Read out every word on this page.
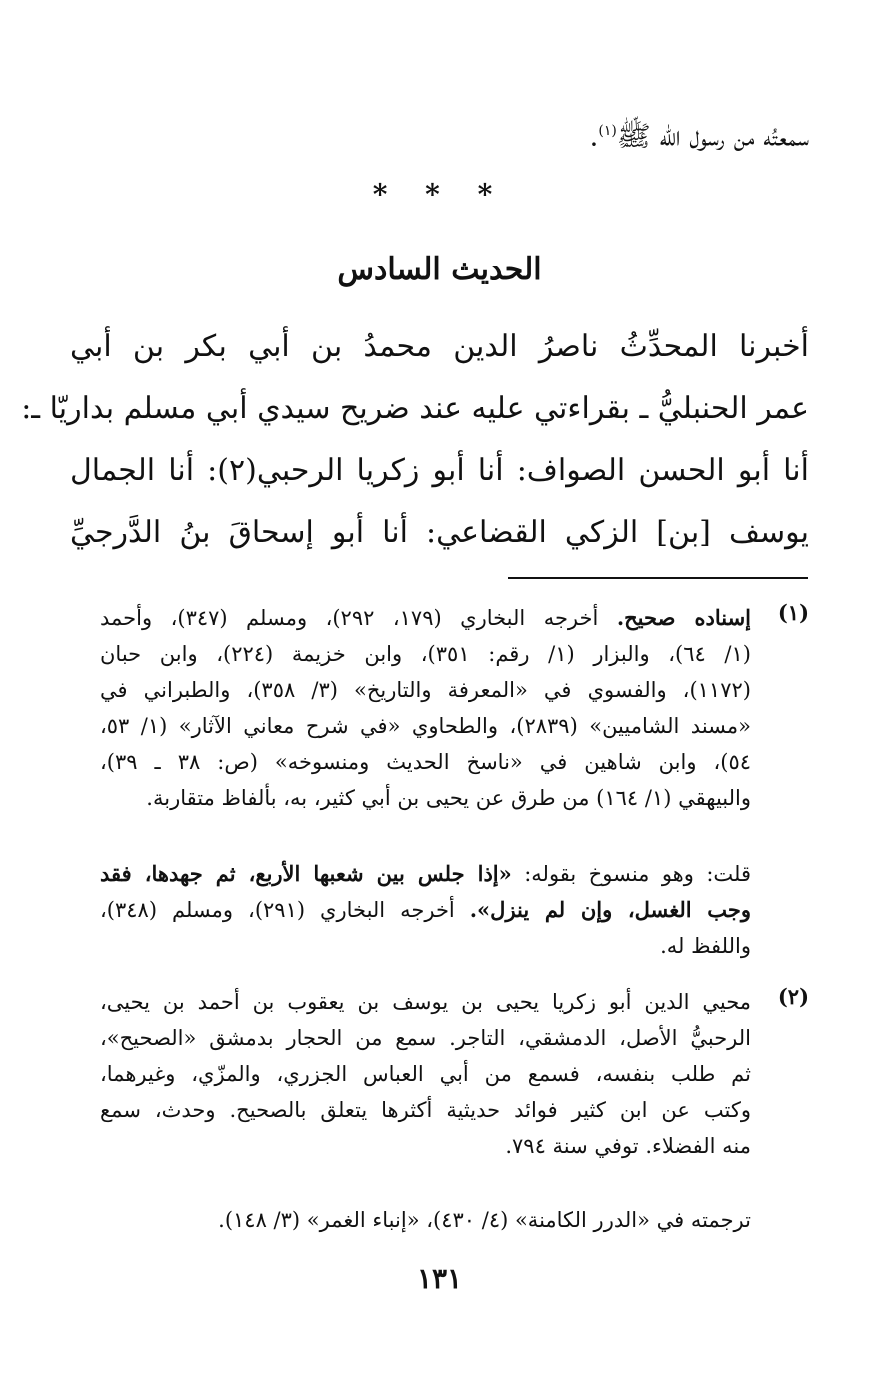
سمعتُه من رسول الله ﷺ$^{(١)}$.
* * *
الحديث السادس
أخبرنا المحدِّثُ ناصرُ الدين محمدُ بن أبي بكر بن أبي
عمر الحنبليُّ ـ بقراءتي عليه عند ضريح سيدي أبي مسلم بداريّا ـ:
أنا أبو الحسن الصواف: أنا أبو زكريا الرحبي(٢): أنا الجمال
يوسف [بن] الزكي القضاعي: أنا أبو إسحاقَ بنُ الدَّرجيِّ
(١)
إسناده صحيح. أخرجه البخاري (١٧٩، ٢٩٢)، ومسلم (٣٤٧)، وأحمد
(١/ ٦٤)، والبزار (١/ رقم: ٣٥١)، وابن خزيمة (٢٢٤)، وابن حبان
(١١٧٢)، والفسوي في «المعرفة والتاريخ» (٣/ ٣٥٨)، والطبراني في
«مسند الشاميين» (٢٨٣٩)، والطحاوي «في شرح معاني الآثار» (١/ ٥٣،
٥٤)، وابن شاهين في «ناسخ الحديث ومنسوخه» (ص: ٣٨ ـ ٣٩)،
والبيهقي (١/ ١٦٤) من طرق عن يحيى بن أبي كثير، به، بألفاظ متقاربة.
قلت: وهو منسوخ بقوله: «إذا جلس بين شعبها الأربع، ثم جهدها، فقد
وجب الغسل، وإن لم ينزل». أخرجه البخاري (٢٩١)، ومسلم (٣٤٨)،
واللفظ له.
(٢)
محيي الدين أبو زكريا يحيى بن يوسف بن يعقوب بن أحمد بن يحيى،
الرحبيُّ الأصل، الدمشقي، التاجر. سمع من الحجار بدمشق «الصحيح»،
ثم طلب بنفسه، فسمع من أبي العباس الجزري، والمزّي، وغيرهما،
وكتب عن ابن كثير فوائد حديثية أكثرها يتعلق بالصحيح. وحدث، سمع
منه الفضلاء. توفي سنة ٧٩٤.
ترجمته في «الدرر الكامنة» (٤/ ٤٣٠)، «إنباء الغمر» (٣/ ١٤٨).
١٣١
